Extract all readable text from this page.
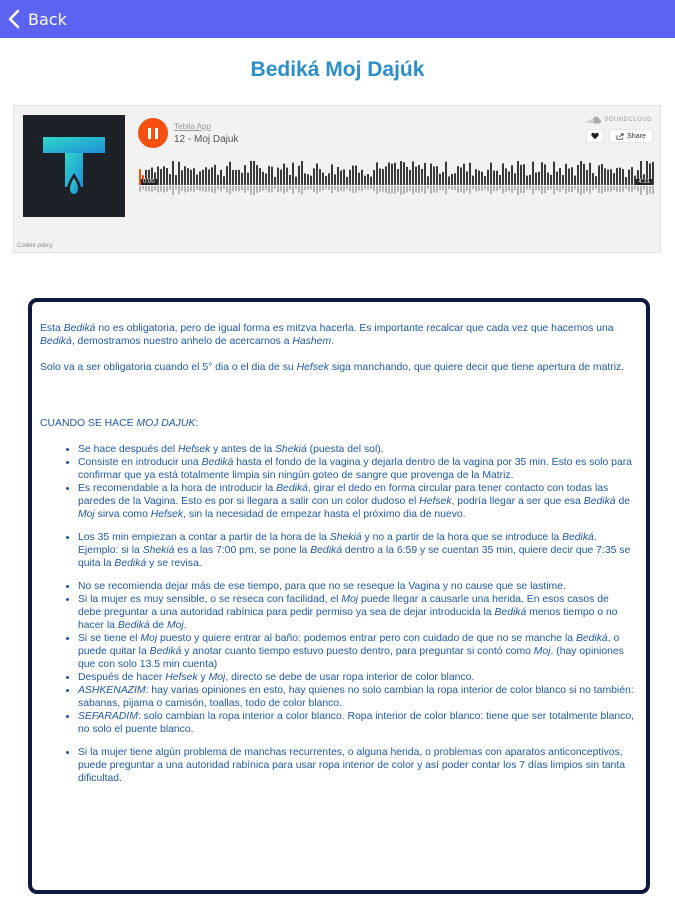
Back
Bediká Moj Dajúk
Tebila App
12 - Moj Dajuk
SOUNDCLOUD
Share
0:00	4:31
Cookie policy

Esta Bediká no es obligatoria, pero de igual forma es mitzva hacerla. Es importante recalcar que cada vez que hacemos una Bediká, demostramos nuestro anhelo de acercarnos a Hashem.

Solo va a ser obligatoria cuando el 5° dia o el dia de su Hefsek siga manchando, que quiere decir que tiene apertura de matriz.

CUANDO SE HACE MOJ DAJUK:

• Se hace después del Hefsek y antes de la Shekiá (puesta del sol).
• Consiste en introducir una Bediká hasta el fondo de la vagina y dejarla dentro de la vagina por 35 min. Esto es solo para confirmar que ya está totalmente limpia sin ningún goteo de sangre que provenga de la Matriz.
• Es recomendable a la hora de introducir la Bediká, girar el dedo en forma circular para tener contacto con todas las paredes de la Vagina. Esto es por si llegara a salir con un color dudoso el Hefsek, podría llegar a ser que esa Bediká de Moj sirva como Hefsek, sin la necesidad de empezar hasta el próximo dia de nuevo.
• Los 35 min empiezan a contar a partir de la hora de la Shekiá y no a partir de la hora que se introduce la Bediká. Ejemplo: si la Shekiá es a las 7:00 pm, se pone la Bediká dentro a la 6:59 y se cuentan 35 min, quiere decir que 7:35 se quita la Bediká y se revisa.
• No se recomienda dejar más de ese tiempo, para que no se reseque la Vagina y no cause que se lastime.
• Si la mujer es muy sensible, o se reseca con facilidad, el Moj puede llegar a causarle una herida. En esos casos de debe preguntar a una autoridad rabínica para pedir permiso ya sea de dejar introducida la Bediká menos tiempo o no hacer la Bediká de Moj.
• Si se tiene el Moj puesto y quiere entrar al baño: podemos entrar pero con cuidado de que no se manche la Bediká, o puede quitar la Bediká y anotar cuanto tiempo estuvo puesto dentro, para preguntar si contó como Moj. (hay opiniones que con solo 13.5 min cuenta)
• Después de hacer Hefsek y Moj, directo se debe de usar ropa interior de color blanco.
• ASHKENAZIM: hay varias opiniones en esto, hay quienes no solo cambian la ropa interior de color blanco si no también: sabanas, pijama o camisón, toallas, todo de color blanco.
• SEFARADIM: solo cambian la ropa interior a color blanco. Ropa interior de color blanco: tiene que ser totalmente blanco, no solo el puente blanco.
• Si la mujer tiene algún problema de manchas recurrentes, o alguna herida, o problemas con aparatos anticonceptivos, puede preguntar a una autoridad rabínica para usar ropa interior de color y así poder contar los 7 días limpios sin tanta dificultad.
